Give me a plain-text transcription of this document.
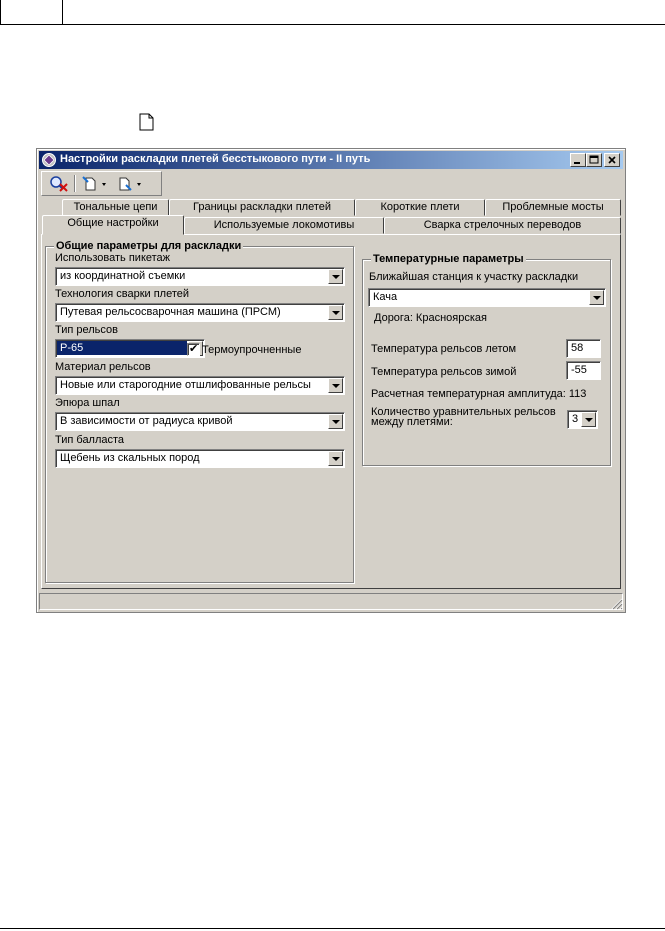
Настройки раскладки плетей бесстыкового пути - II путь
Тональные цепи	Границы раскладки плетей	Короткие плети	Проблемные мосты
Общие настройки	Используемые локомотивы	Сварка стрелочных переводов
Общие параметры для раскладки
Использовать пикетаж
из координатной съемки
Технология сварки плетей
Путевая рельсосварочная машина (ПРСМ)
Тип рельсов
Р-65
✔	Термоупрочненные
Материал рельсов
Новые или старогодние отшлифованные рельсы
Эпюра шпал
В зависимости от радиуса кривой
Тип балласта
Щебень из скальных пород
Температурные параметры
Ближайшая станция к участку раскладки
Кача
Дорога: Красноярская
Температура рельсов летом	58
Температура рельсов зимой	-55
Расчетная температурная амплитуда: 113
Количество уравнительных рельсов
между плетями:	3
